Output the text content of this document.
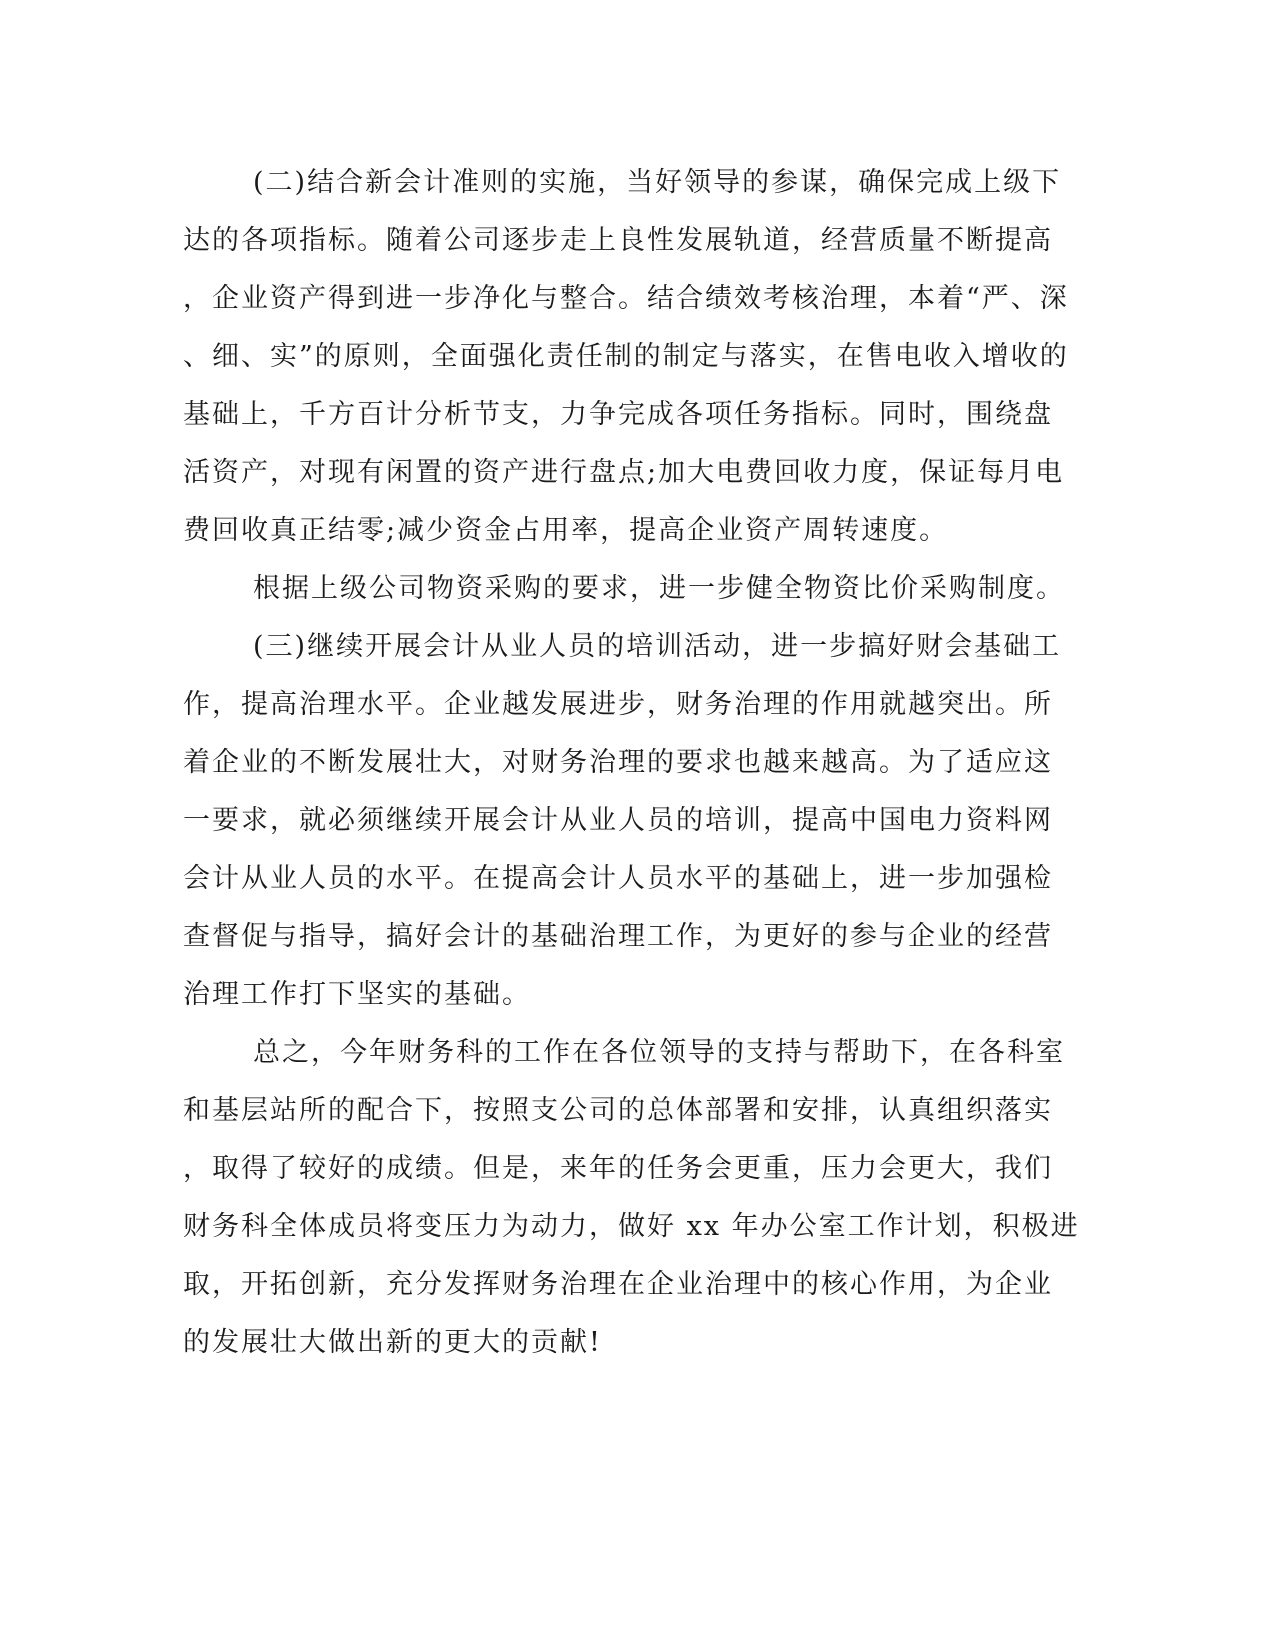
(二)结合新会计准则的实施，当好领导的参谋，确保完成上级下
达的各项指标。随着公司逐步走上良性发展轨道，经营质量不断提高
，企业资产得到进一步净化与整合。结合绩效考核治理，本着“严、深
、细、实”的原则，全面强化责任制的制定与落实，在售电收入增收的
基础上，千方百计分析节支，力争完成各项任务指标。同时，围绕盘
活资产，对现有闲置的资产进行盘点;加大电费回收力度，保证每月电
费回收真正结零;减少资金占用率，提高企业资产周转速度。
根据上级公司物资采购的要求，进一步健全物资比价采购制度。
(三)继续开展会计从业人员的培训活动，进一步搞好财会基础工
作，提高治理水平。企业越发展进步，财务治理的作用就越突出。所
着企业的不断发展壮大，对财务治理的要求也越来越高。为了适应这
一要求，就必须继续开展会计从业人员的培训，提高中国电力资料网
会计从业人员的水平。在提高会计人员水平的基础上，进一步加强检
查督促与指导，搞好会计的基础治理工作，为更好的参与企业的经营
治理工作打下坚实的基础。
总之，今年财务科的工作在各位领导的支持与帮助下，在各科室
和基层站所的配合下，按照支公司的总体部署和安排，认真组织落实
，取得了较好的成绩。但是，来年的任务会更重，压力会更大，我们
财务科全体成员将变压力为动力，做好 xx 年办公室工作计划，积极进
取，开拓创新，充分发挥财务治理在企业治理中的核心作用，为企业
的发展壮大做出新的更大的贡献!
